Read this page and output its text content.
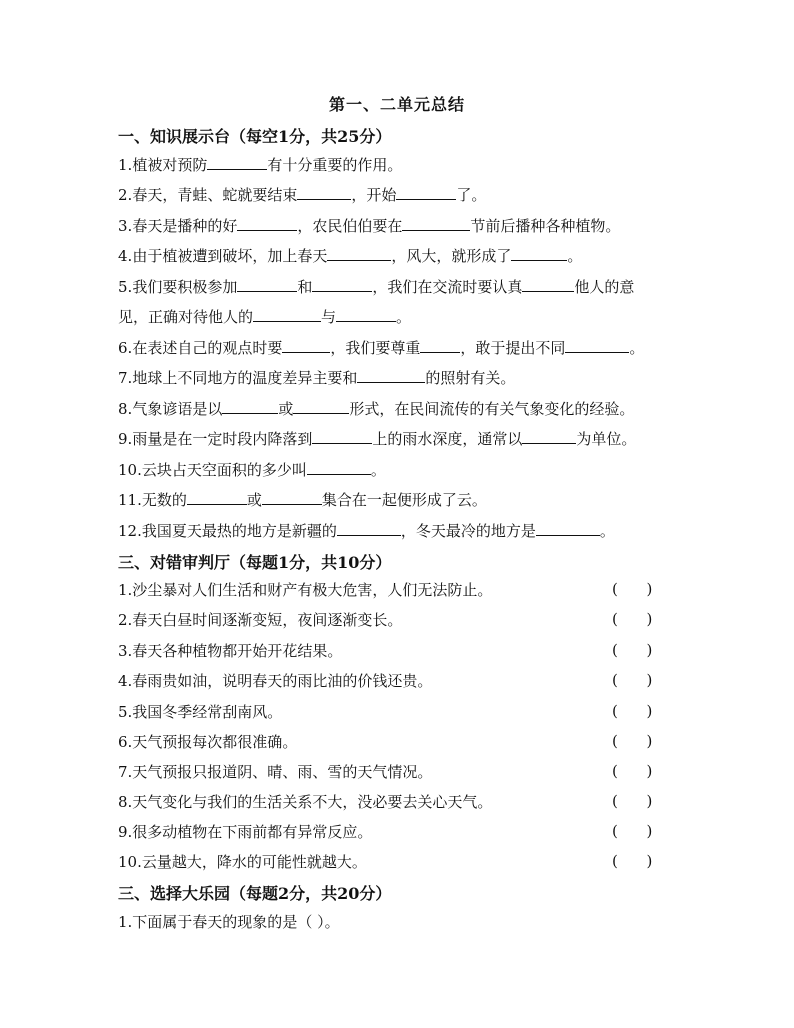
第一、二单元总结
一、知识展示台（每空1分，共25分）
1.植被对预防	有十分重要的作用。
2.春天，青蛙、蛇就要结束	，开始	了。
3.春天是播种的好	，农民伯伯要在	节前后播种各种植物。
4.由于植被遭到破坏，加上春天	，风大，就形成了	。
5.我们要积极参加	和	，我们在交流时要认真	他人的意
见，正确对待他人的	与	。
6.在表述自己的观点时要	，我们要尊重	，敢于提出不同	。
7.地球上不同地方的温度差异主要和	的照射有关。
8.气象谚语是以	或	形式，在民间流传的有关气象变化的经验。
9.雨量是在一定时段内降落到	上的雨水深度，通常以	为单位。
10.云块占天空面积的多少叫	。
11.无数的	或	集合在一起便形成了云。
12.我国夏天最热的地方是新疆的	，冬天最冷的地方是	。
三、对错审判厅（每题1分，共10分）
1.沙尘暴对人们生活和财产有极大危害，人们无法防止。	(      )
2.春天白昼时间逐渐变短，夜间逐渐变长。	(      )
3.春天各种植物都开始开花结果。	(      )
4.春雨贵如油，说明春天的雨比油的价钱还贵。	(      )
5.我国冬季经常刮南风。	(      )
6.天气预报每次都很准确。	(      )
7.天气预报只报道阴、晴、雨、雪的天气情况。	(      )
8.天气变化与我们的生活关系不大，没必要去关心天气。	(      )
9.很多动植物在下雨前都有异常反应。	(      )
10.云量越大，降水的可能性就越大。	(      )
三、选择大乐园（每题2分，共20分）
1.下面属于春天的现象的是（ ）。
